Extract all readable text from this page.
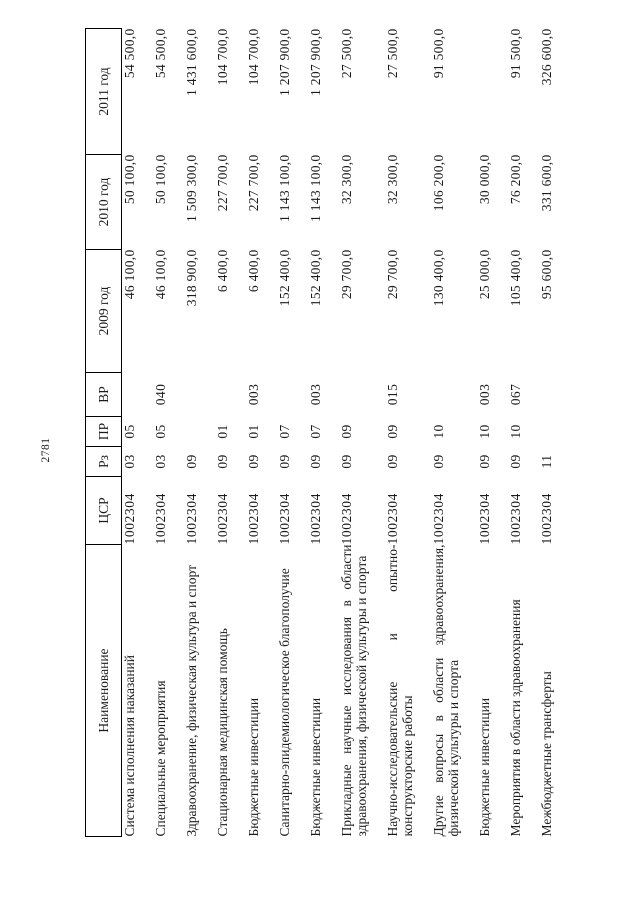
2781
Наименование	ЦСР	Рз	ПР	ВР	2009 год	2010 год	2011 год
Система исполнения наказаний	1002304	03	05		46 100,0	50 100,0	54 500,0
Специальные мероприятия	1002304	03	05	040	46 100,0	50 100,0	54 500,0
Здравоохранение, физическая культура и спорт	1002304	09			318 900,0	1 509 300,0	1 431 600,0
Стационарная медицинская помощь	1002304	09	01		6 400,0	227 700,0	104 700,0
Бюджетные инвестиции	1002304	09	01	003	6 400,0	227 700,0	104 700,0
Санитарно-эпидемиологическое благополучие	1002304	09	07		152 400,0	1 143 100,0	1 207 900,0
Бюджетные инвестиции	1002304	09	07	003	152 400,0	1 143 100,0	1 207 900,0
Прикладные научные исследования в области здравоохранения, физической культуры и спорта	1002304	09	09		29 700,0	32 300,0	27 500,0
Научно-исследовательские и опытно-конструкторские работы	1002304	09	09	015	29 700,0	32 300,0	27 500,0
Другие вопросы в области здравоохранения, физической культуры и спорта	1002304	09	10		130 400,0	106 200,0	91 500,0
Бюджетные инвестиции	1002304	09	10	003	25 000,0	30 000,0	
Мероприятия в области здравоохранения	1002304	09	10	067	105 400,0	76 200,0	91 500,0
Межбюджетные трансферты	1002304	11			95 600,0	331 600,0	326 600,0
